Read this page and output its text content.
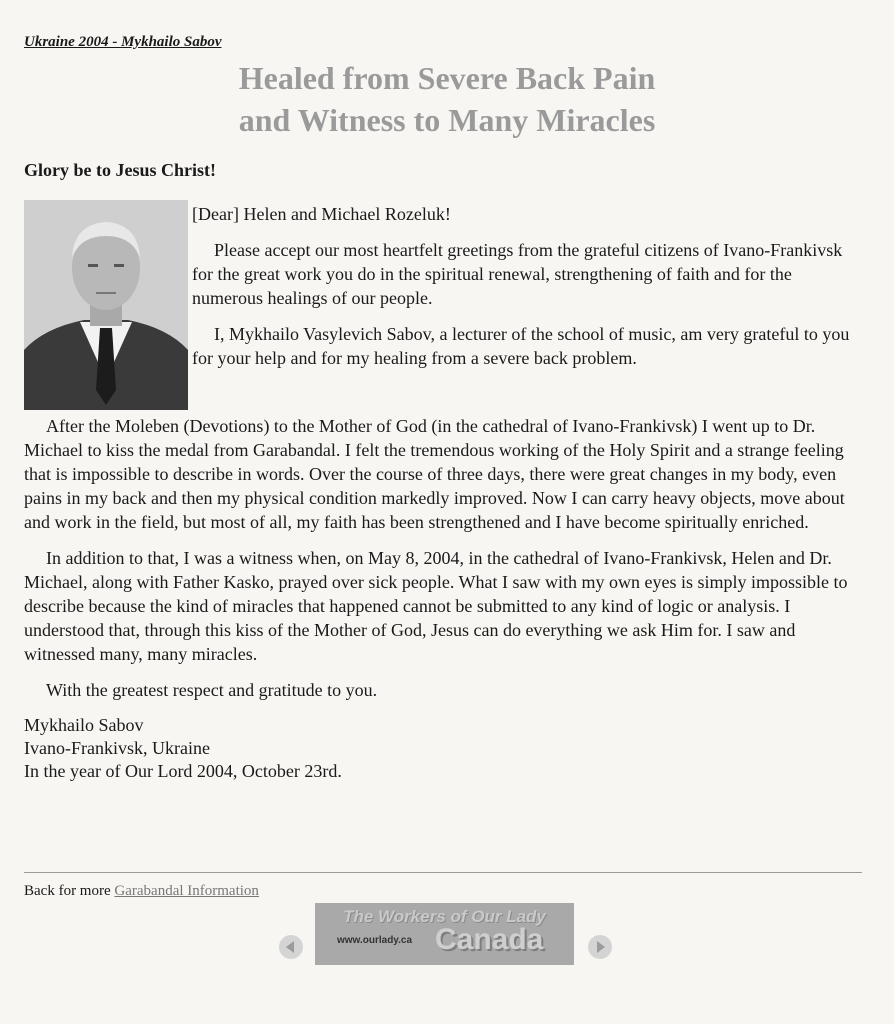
Ukraine 2004 - Mykhailo Sabov
Healed from Severe Back Pain
and Witness to Many Miracles
Glory be to Jesus Christ!

[Dear] Helen and Michael Rozeluk!

Please accept our most heartfelt greetings from the grateful citizens of Ivano-Frankivsk for the great work you do in the spiritual renewal, strengthening of faith and for the numerous healings of our people.

I, Mykhailo Vasylevich Sabov, a lecturer of the school of music, am very grateful to you for your help and for my healing from a severe back problem.

After the Moleben (Devotions) to the Mother of God (in the cathedral of Ivano-Frankivsk) I went up to Dr. Michael to kiss the medal from Garabandal. I felt the tremendous working of the Holy Spirit and a strange feeling that is impossible to describe in words. Over the course of three days, there were great changes in my body, even pains in my back and then my physical condition markedly improved. Now I can carry heavy objects, move about and work in the field, but most of all, my faith has been strengthened and I have become spiritually enriched.

In addition to that, I was a witness when, on May 8, 2004, in the cathedral of Ivano-Frankivsk, Helen and Dr. Michael, along with Father Kasko, prayed over sick people. What I saw with my own eyes is simply impossible to describe because the kind of miracles that happened cannot be submitted to any kind of logic or analysis. I understood that, through this kiss of the Mother of God, Jesus can do everything we ask Him for. I saw and witnessed many, many miracles.

With the greatest respect and gratitude to you.

Mykhailo Sabov
Ivano-Frankivsk, Ukraine
In the year of Our Lord 2004, October 23rd.
Back for more Garabandal Information
The Workers of Our Lady
www.ourlady.ca Canada
